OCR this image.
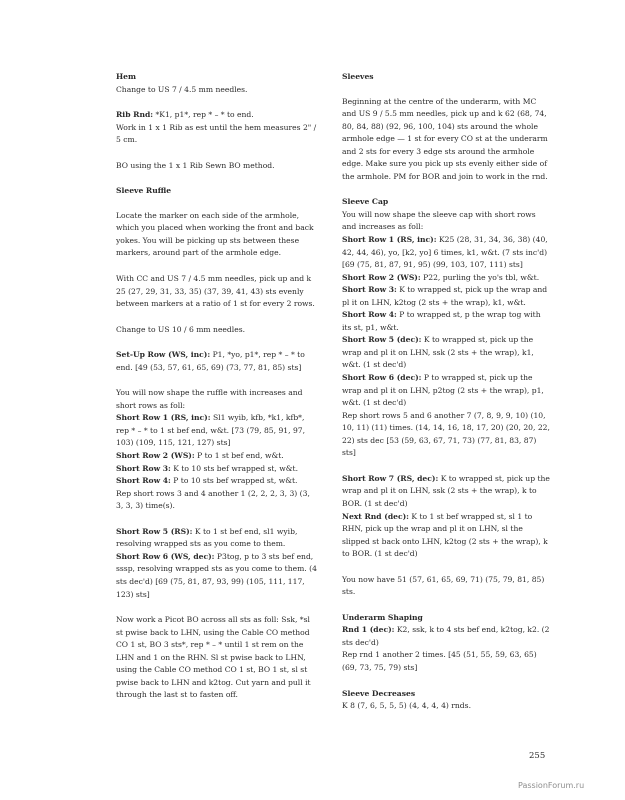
Hem
Change to US 7 / 4.5 mm needles.
Rib Rnd: *K1, p1*, rep * – * to end.
Work in 1 x 1 Rib as est until the hem measures 2" / 5 cm.
BO using the 1 x 1 Rib Sewn BO method.
Sleeve Ruffle
Locate the marker on each side of the armhole, which you placed when working the front and back yokes. You will be picking up sts between these markers, around part of the armhole edge.
With CC and US 7 / 4.5 mm needles, pick up and k 25 (27, 29, 31, 33, 35) (37, 39, 41, 43) sts evenly between markers at a ratio of 1 st for every 2 rows.
Change to US 10 / 6 mm needles.
Set-Up Row (WS, inc): P1, *yo, p1*, rep * – * to end. [49 (53, 57, 61, 65, 69) (73, 77, 81, 85) sts]
You will now shape the ruffle with increases and short rows as foll:
Short Row 1 (RS, inc): Sl1 wyib, kfb, *k1, kfb*, rep * – * to 1 st bef end, w&t. [73 (79, 85, 91, 97, 103) (109, 115, 121, 127) sts]
Short Row 2 (WS): P to 1 st bef end, w&t.
Short Row 3: K to 10 sts bef wrapped st, w&t.
Short Row 4: P to 10 sts bef wrapped st, w&t.
Rep short rows 3 and 4 another 1 (2, 2, 2, 3, 3) (3, 3, 3, 3) time(s).
Short Row 5 (RS): K to 1 st bef end, sl1 wyib, resolving wrapped sts as you come to them.
Short Row 6 (WS, dec): P3tog, p to 3 sts bef end, sssp, resolving wrapped sts as you come to them. (4 sts dec'd) [69 (75, 81, 87, 93, 99) (105, 111, 117, 123) sts]
Now work a Picot BO across all sts as foll: Ssk, *sl st pwise back to LHN, using the Cable CO method CO 1 st, BO 3 sts*, rep * – * until 1 st rem on the LHN and 1 on the RHN. Sl st pwise back to LHN, using the Cable CO method CO 1 st, BO 1 st, sl st pwise back to LHN and k2tog. Cut yarn and pull it through the last st to fasten off.
Sleeves
Beginning at the centre of the underarm, with MC and US 9 / 5.5 mm needles, pick up and k 62 (68, 74, 80, 84, 88) (92, 96, 100, 104) sts around the whole armhole edge — 1 st for every CO st at the underarm and 2 sts for every 3 edge sts around the armhole edge. Make sure you pick up sts evenly either side of the armhole. PM for BOR and join to work in the rnd.
Sleeve Cap
You will now shape the sleeve cap with short rows and increases as foll:
Short Row 1 (RS, inc): K25 (28, 31, 34, 36, 38) (40, 42, 44, 46), yo, [k2, yo] 6 times, k1, w&t. (7 sts inc'd) [69 (75, 81, 87, 91, 95) (99, 103, 107, 111) sts]
Short Row 2 (WS): P22, purling the yo's tbl, w&t.
Short Row 3: K to wrapped st, pick up the wrap and pl it on LHN, k2tog (2 sts + the wrap), k1, w&t.
Short Row 4: P to wrapped st, p the wrap tog with its st, p1, w&t.
Short Row 5 (dec): K to wrapped st, pick up the wrap and pl it on LHN, ssk (2 sts + the wrap), k1, w&t. (1 st dec'd)
Short Row 6 (dec): P to wrapped st, pick up the wrap and pl it on LHN, p2tog (2 sts + the wrap), p1, w&t. (1 st dec'd)
Rep short rows 5 and 6 another 7 (7, 8, 9, 9, 10) (10, 10, 11) (11) times. (14, 14, 16, 18, 17, 20) (20, 20, 22, 22) sts dec [53 (59, 63, 67, 71, 73) (77, 81, 83, 87) sts]
Short Row 7 (RS, dec): K to wrapped st, pick up the wrap and pl it on LHN, ssk (2 sts + the wrap), k to BOR. (1 st dec'd)
Next Rnd (dec): K to 1 st bef wrapped st, sl 1 to RHN, pick up the wrap and pl it on LHN, sl the slipped st back onto LHN, k2tog (2 sts + the wrap), k to BOR. (1 st dec'd)
You now have 51 (57, 61, 65, 69, 71) (75, 79, 81, 85) sts.
Underarm Shaping
Rnd 1 (dec): K2, ssk, k to 4 sts bef end, k2tog, k2. (2 sts dec'd)
Rep rnd 1 another 2 times. [45 (51, 55, 59, 63, 65) (69, 73, 75, 79) sts]
Sleeve Decreases
K 8 (7, 6, 5, 5, 5) (4, 4, 4, 4) rnds.
255
PassionForum.ru
